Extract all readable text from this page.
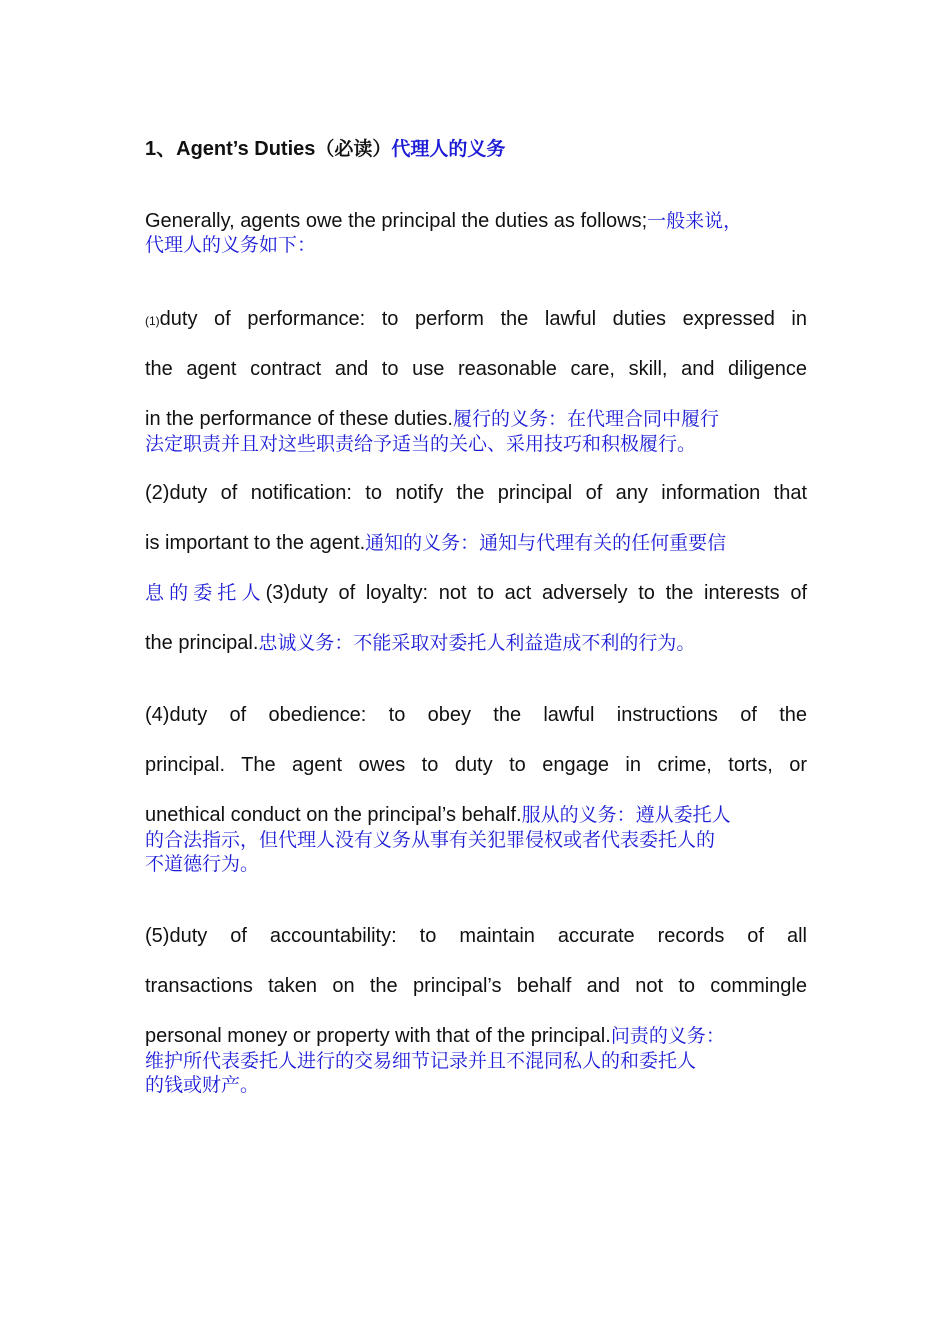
1、Agent’s Duties（必读）代理人的义务
Generally, agents owe the principal the duties as follows;一般来说，
代理人的义务如下：
(1)duty of performance: to perform the lawful duties expressed in
the agent contract and to use reasonable care, skill, and diligence
in the performance of these duties.履行的义务：在代理合同中履行
法定职责并且对这些职责给予适当的关心、采用技巧和积极履行。
(2)duty of notification: to notify the principal of any information that
is important to the agent.通知的义务：通知与代理有关的任何重要信
息的委托人(3)duty of loyalty: not to act adversely to the interests of
the principal.忠诚义务：不能采取对委托人利益造成不利的行为。
(4)duty of obedience: to obey the lawful instructions of the
principal. The agent owes to duty to engage in crime, torts, or
unethical conduct on the principal’s behalf.服从的义务：遵从委托人
的合法指示，但代理人没有义务从事有关犯罪侵权或者代表委托人的
不道德行为。
(5)duty of accountability: to maintain accurate records of all
transactions taken on the principal’s behalf and not to commingle
personal money or property with that of the principal.问责的义务：
维护所代表委托人进行的交易细节记录并且不混同私人的和委托人
的钱或财产。
